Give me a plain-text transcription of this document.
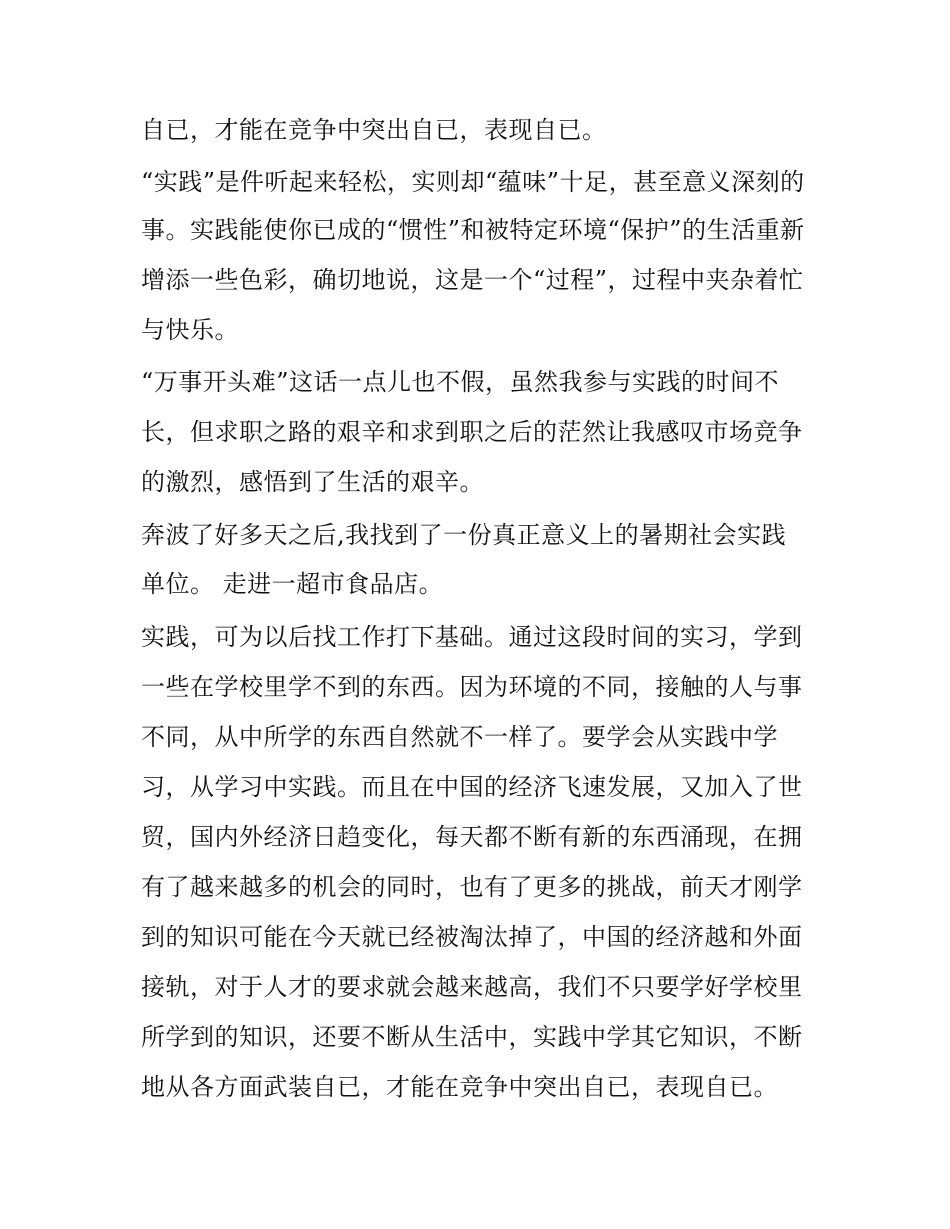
自已，才能在竞争中突出自已，表现自已。
“实践”是件听起来轻松，实则却“蕴味”十足，甚至意义深刻的
事。实践能使你已成的“惯性”和被特定环境“保护”的生活重新
增添一些色彩，确切地说，这是一个“过程”，过程中夹杂着忙
与快乐。
“万事开头难”这话一点儿也不假，虽然我参与实践的时间不
长，但求职之路的艰辛和求到职之后的茫然让我感叹市场竞争
的激烈，感悟到了生活的艰辛。
奔波了好多天之后,我找到了一份真正意义上的暑期社会实践
单位。 走进一超市食品店。
实践，可为以后找工作打下基础。通过这段时间的实习，学到
一些在学校里学不到的东西。因为环境的不同，接触的人与事
不同，从中所学的东西自然就不一样了。要学会从实践中学
习，从学习中实践。而且在中国的经济飞速发展，又加入了世
贸，国内外经济日趋变化，每天都不断有新的东西涌现，在拥
有了越来越多的机会的同时，也有了更多的挑战，前天才刚学
到的知识可能在今天就已经被淘汰掉了，中国的经济越和外面
接轨，对于人才的要求就会越来越高，我们不只要学好学校里
所学到的知识，还要不断从生活中，实践中学其它知识，不断
地从各方面武装自已，才能在竞争中突出自已，表现自已。
